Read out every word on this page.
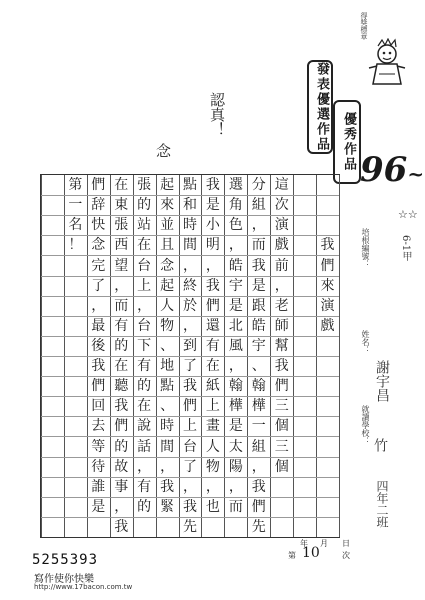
認真！
念
得獎標章
發表優選作品 優秀作品 96~
☆☆
這
次
演
戲
前
，
老
師
幫
我
們
三
個
三
個
分
組
，
而
我
是
跟
皓
宇
、
翰
樺
一
組
，
我
們
先
選
角
色
，
皓
宇
是
北
風
，
翰
樺
是
太
陽
，
而
我
是
小
明
，
我
們
還
有
在
紙
上
畫
人
物
，
也
點
和
時
間
，
終
於
，
到
了
我
們
上
台
了
，
我
先
起
來
並
且
念
起
人
物
、
地
點
、
時
間
，
我
緊
張
的
站
在
台
上
，
台
下
有
的
在
說
話
，
有
的
在
東
張
西
望
，
而
有
的
在
聽
我
們
的
故
事
，
我
們
辞
快
念
完
了
，
最
後
我
們
回
去
等
待
誰
是
第
一
名
！	我
們
來
演
戲
培根編號：	6-1甲
姓名：
謝宇昌
就讀學校： 竹
四年二班
年 月 日
第 10	次
5255393
寫作使你快樂
http://www.17bacon.com.tw
